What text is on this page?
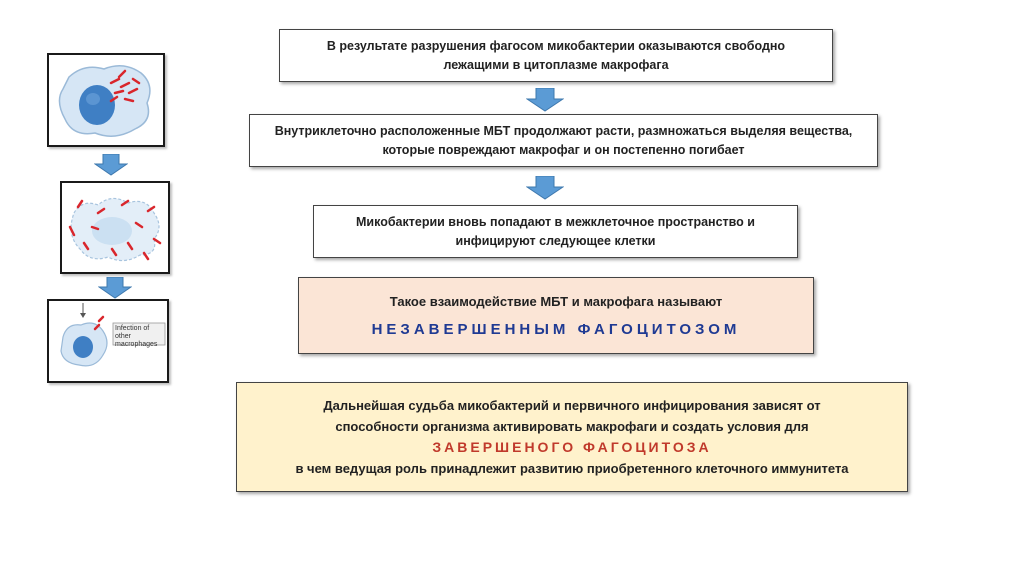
Infection of other macrophages
В результате разрушения фагосом микобактерии оказываются свободно
лежащими в цитоплазме макрофага
Внутриклеточно расположенные МБТ продолжают расти, размножаться выделяя вещества,
которые повреждают макрофаг и он постепенно погибает
Микобактерии вновь попадают в межклеточное пространство и
инфицируют следующее клетки
Такое взаимодействие МБТ и макрофага называют
НЕЗАВЕРШЕННЫМ ФАГОЦИТОЗОМ
Дальнейшая судьба микобактерий и первичного инфицирования зависят от
способности организма активировать макрофаги и создать условия для
ЗАВЕРШЕНОГО ФАГОЦИТОЗА
в чем ведущая роль принадлежит развитию приобретенного клеточного иммунитета
